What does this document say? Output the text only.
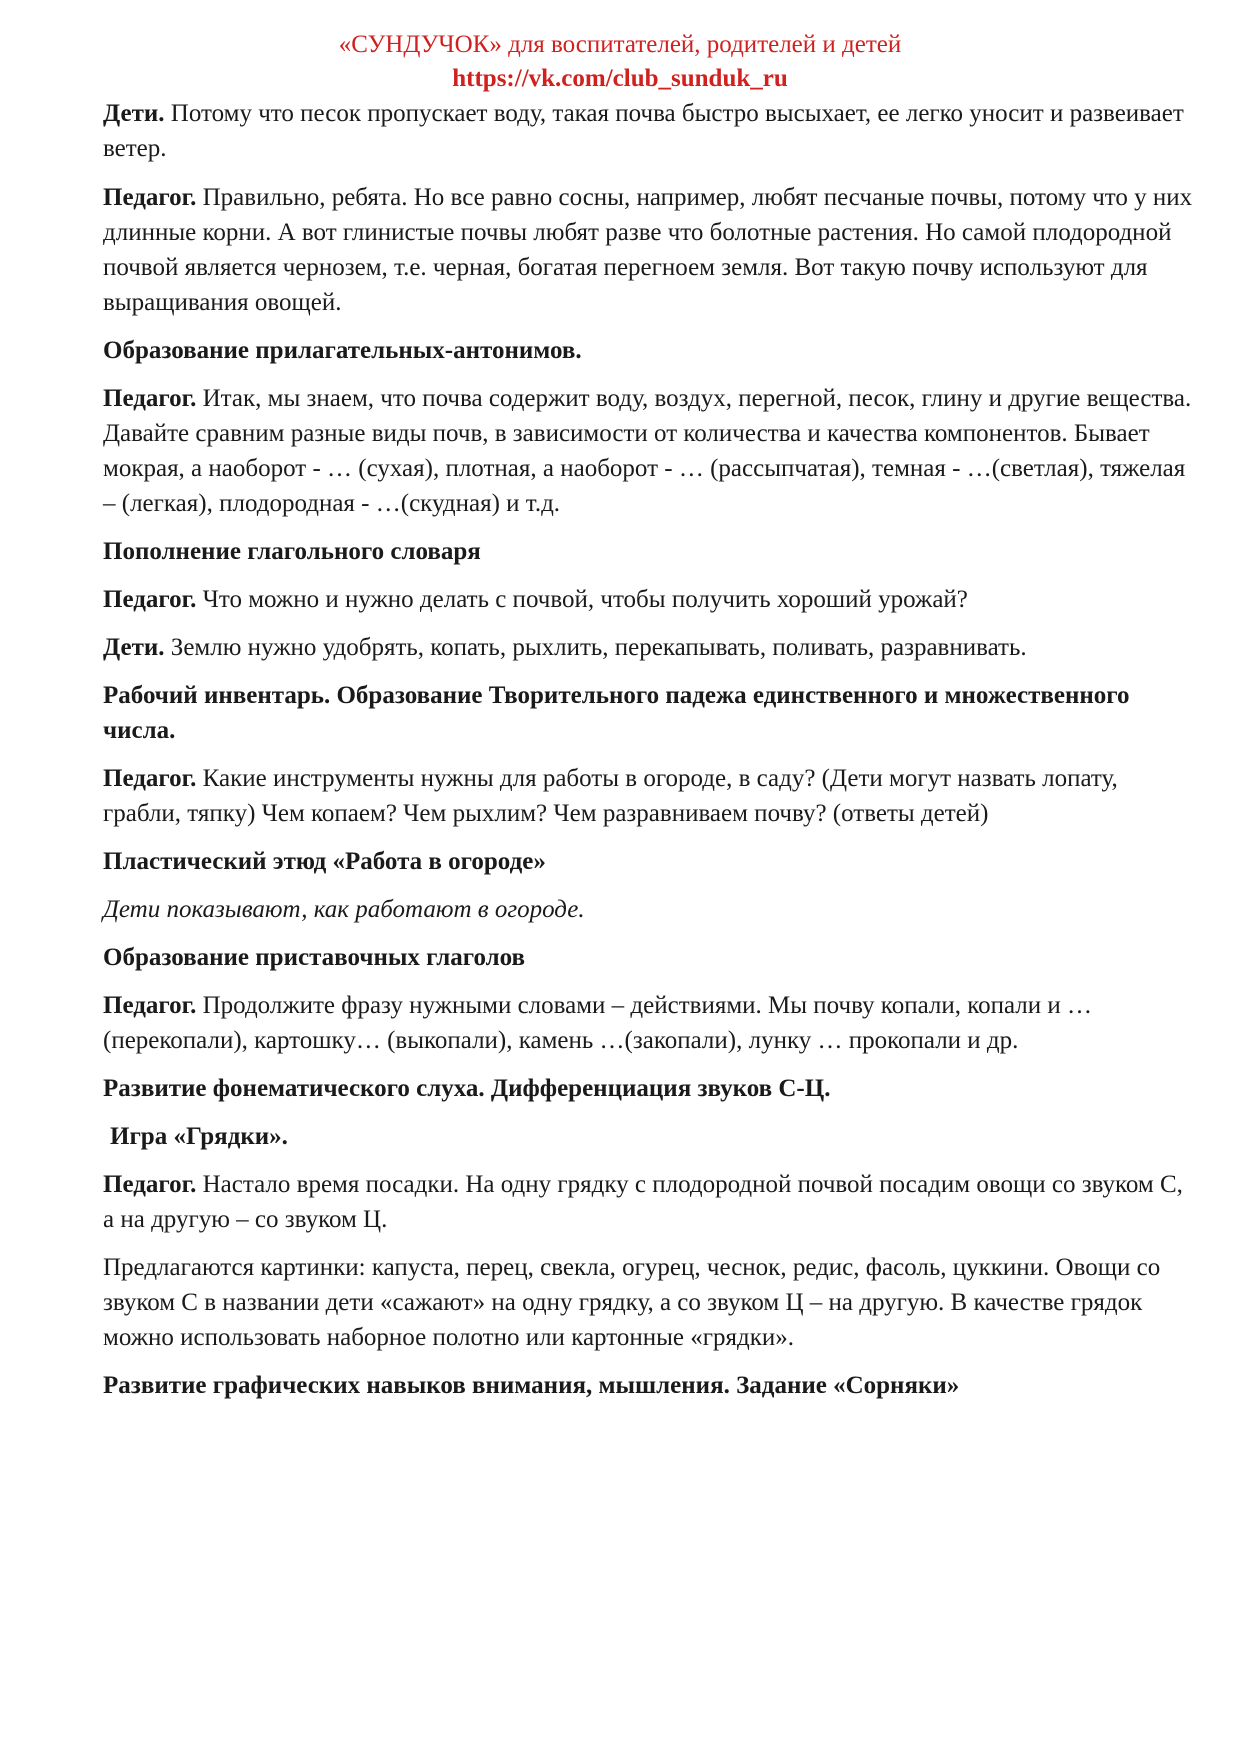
«СУНДУЧОК» для воспитателей, родителей и детей
https://vk.com/club_sunduk_ru

Дети. Потому что песок пропускает воду, такая почва быстро высыхает, ее легко уносит и развеивает ветер.

Педагог. Правильно, ребята. Но все равно сосны, например, любят песчаные почвы, потому что у них длинные корни. А вот глинистые почвы любят разве что болотные растения. Но самой плодородной почвой является чернозем, т.е. черная, богатая перегноем земля. Вот такую почву используют для выращивания овощей.

Образование прилагательных-антонимов.

Педагог. Итак, мы знаем, что почва содержит воду, воздух, перегной, песок, глину и другие вещества. Давайте сравним разные виды почв, в зависимости от количества и качества компонентов. Бывает мокрая, а наоборот - … (сухая), плотная, а наоборот - … (рассыпчатая), темная - …(светлая), тяжелая – (легкая), плодородная - …(скудная) и т.д.

Пополнение глагольного словаря

Педагог. Что можно и нужно делать с почвой, чтобы получить хороший урожай?

Дети. Землю нужно удобрять, копать, рыхлить, перекапывать, поливать, разравнивать.

Рабочий инвентарь. Образование Творительного падежа единственного и множественного числа.

Педагог. Какие инструменты нужны для работы в огороде, в саду? (Дети могут назвать лопату, грабли, тяпку) Чем копаем? Чем рыхлим? Чем разравниваем почву? (ответы детей)

Пластический этюд «Работа в огороде»

Дети показывают, как работают в огороде.

Образование приставочных глаголов

Педагог. Продолжите фразу нужными словами – действиями. Мы почву копали, копали и …(перекопали), картошку… (выкопали), камень …(закопали), лунку … прокопали и др.

Развитие фонематического слуха. Дифференциация звуков С-Ц.

Игра «Грядки».

Педагог. Настало время посадки. На одну грядку с плодородной почвой посадим овощи со звуком С, а на другую – со звуком Ц.

Предлагаются картинки: капуста, перец, свекла, огурец, чеснок, редис, фасоль, цуккини. Овощи со звуком С в названии дети «сажают» на одну грядку, а со звуком Ц – на другую. В качестве грядок можно использовать наборное полотно или картонные «грядки».

Развитие графических навыков внимания, мышления. Задание «Сорняки»
